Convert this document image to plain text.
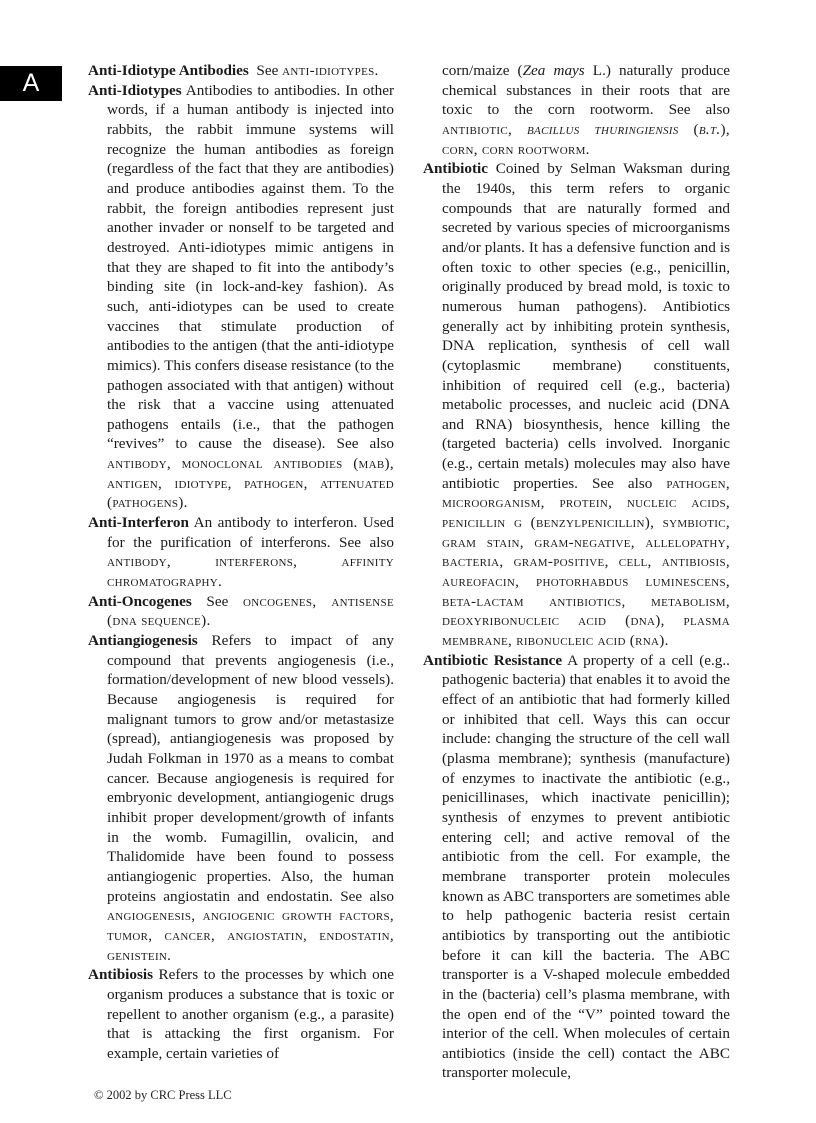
A	Anti-Idiotype Antibodies See anti-idiotypes.

Anti-Idiotypes Antibodies to antibodies. In other words, if a human antibody is injected into rabbits, the rabbit immune systems will recognize the human antibodies as foreign (regardless of the fact that they are antibodies) and produce antibodies against them. To the rabbit, the foreign antibodies represent just another invader or nonself to be targeted and destroyed. Anti-idiotypes mimic antigens in that they are shaped to fit into the antibody’s binding site (in lock-and-key fashion). As such, anti-idiotypes can be used to create vaccines that stimulate production of antibodies to the antigen (that the anti-idiotype mimics). This confers disease resistance (to the pathogen associated with that antigen) without the risk that a vaccine using attenuated pathogens entails (i.e., that the pathogen “revives” to cause the disease). See also antibody, monoclonal antibodies (mab), antigen, idiotype, pathogen, attenuated (pathogens).

Anti-Interferon An antibody to interferon. Used for the purification of interferons. See also antibody, interferons, affinity chromatography.

Anti-Oncogenes See oncogenes, antisense (dna sequence).

Antiangiogenesis Refers to impact of any compound that prevents angiogenesis (i.e., formation/development of new blood vessels). Because angiogenesis is required for malignant tumors to grow and/or metastasize (spread), antiangiogenesis was proposed by Judah Folkman in 1970 as a means to combat cancer. Because angiogenesis is required for embryonic development, antiangiogenic drugs inhibit proper development/growth of infants in the womb. Fumagillin, ovalicin, and Thalidomide have been found to possess antiangiogenic properties. Also, the human proteins angiostatin and endostatin. See also angiogenesis, angiogenic growth factors, tumor, cancer, angiostatin, endostatin, genistein.

Antibiosis Refers to the processes by which one organism produces a substance that is toxic or repellent to another organism (e.g., a parasite) that is attacking the first organism. For example, certain varieties of

corn/maize (Zea mays L.) naturally produce chemical substances in their roots that are toxic to the corn rootworm. See also antibiotic, bacillus thuringiensis (b.t.), corn, corn rootworm.

Antibiotic Coined by Selman Waksman during the 1940s, this term refers to organic compounds that are naturally formed and secreted by various species of microorganisms and/or plants. It has a defensive function and is often toxic to other species (e.g., penicillin, originally produced by bread mold, is toxic to numerous human pathogens). Antibiotics generally act by inhibiting protein synthesis, DNA replication, synthesis of cell wall (cytoplasmic membrane) constituents, inhibition of required cell (e.g., bacteria) metabolic processes, and nucleic acid (DNA and RNA) biosynthesis, hence killing the (targeted bacteria) cells involved. Inorganic (e.g., certain metals) molecules may also have antibiotic properties. See also pathogen, microorganism, protein, nucleic acids, penicillin g (benzylpenicillin), symbiotic, gram stain, gram-negative, allelopathy, bacteria, gram-positive, cell, antibiosis, aureofacin, photorhabdus luminescens, beta-lactam antibiotics, metabolism, deoxyribonucleic acid (dna), plasma membrane, ribonucleic acid (rna).

Antibiotic Resistance A property of a cell (e.g.. pathogenic bacteria) that enables it to avoid the effect of an antibiotic that had formerly killed or inhibited that cell. Ways this can occur include: changing the structure of the cell wall (plasma membrane); synthesis (manufacture) of enzymes to inactivate the antibiotic (e.g., penicillinases, which inactivate penicillin); synthesis of enzymes to prevent antibiotic entering cell; and active removal of the antibiotic from the cell. For example, the membrane transporter protein molecules known as ABC transporters are sometimes able to help pathogenic bacteria resist certain antibiotics by transporting out the antibiotic before it can kill the bacteria. The ABC transporter is a V-shaped molecule embedded in the (bacteria) cell’s plasma membrane, with the open end of the “V” pointed toward the interior of the cell. When molecules of certain antibiotics (inside the cell) contact the ABC transporter molecule,

© 2002 by CRC Press LLC
